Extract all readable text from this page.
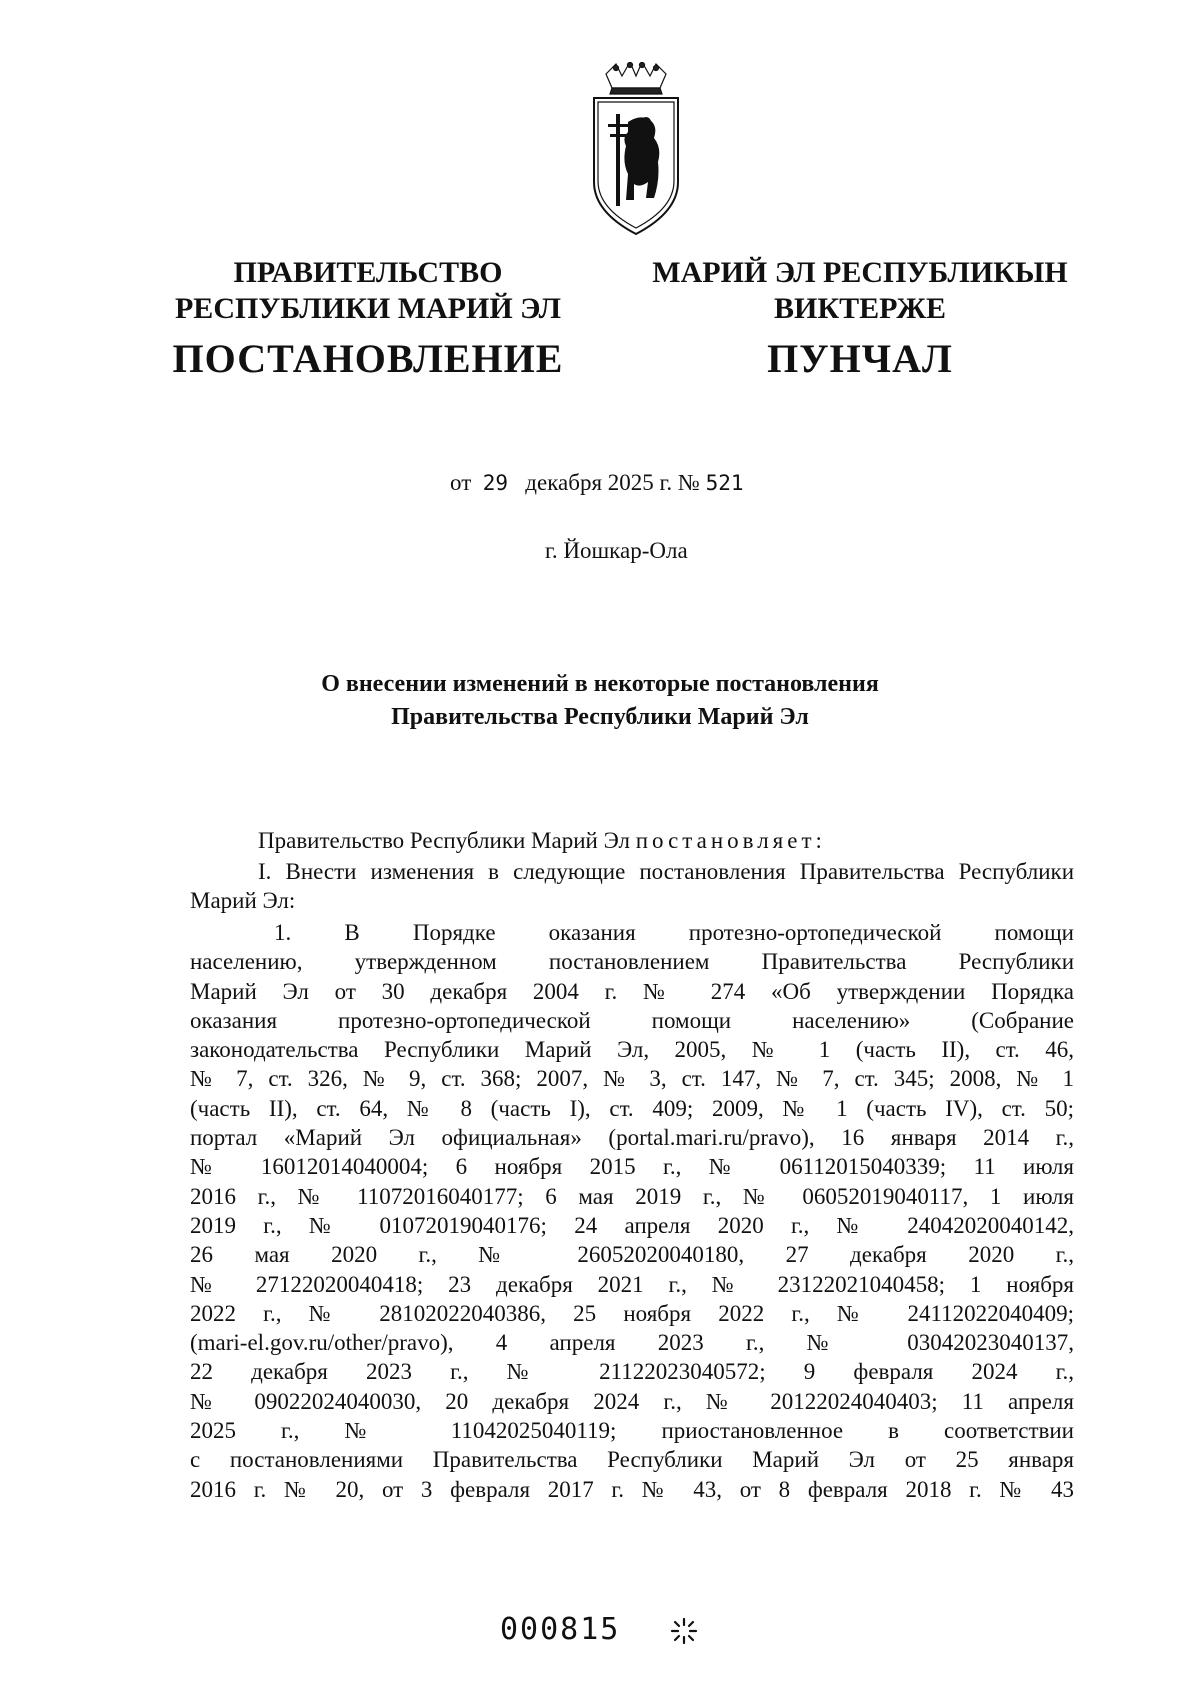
ПРАВИТЕЛЬСТВО
РЕСПУБЛИКИ МАРИЙ ЭЛ
ПОСТАНОВЛЕНИЕ
МАРИЙ ЭЛ РЕСПУБЛИКЫН
ВИКТЕРЖЕ
ПУНЧАЛ
от 29 декабря 2025 г. № 521
г. Йошкар-Ола
О внесении изменений в некоторые постановления
Правительства Республики Марий Эл
Правительство Республики Марий Эл постановляет:
I. Внести изменения в следующие постановления Правительства Республики Марий Эл:
1. В Порядке оказания протезно-ортопедической помощи
населению, утвержденном постановлением Правительства Республики
Марий Эл от 30 декабря 2004 г. № 274 «Об утверждении Порядка
оказания протезно-ортопедической помощи населению» (Собрание
законодательства Республики Марий Эл, 2005, № 1 (часть II), ст. 46,
№ 7, ст. 326, № 9, ст. 368; 2007, № 3, ст. 147, № 7, ст. 345; 2008, № 1
(часть II), ст. 64, № 8 (часть I), ст. 409; 2009, № 1 (часть IV), ст. 50;
портал «Марий Эл официальная» (portal.mari.ru/pravo), 16 января 2014 г.,
№ 16012014040004; 6 ноября 2015 г., № 06112015040339; 11 июля
2016 г., № 11072016040177; 6 мая 2019 г., № 06052019040117, 1 июля
2019 г., № 01072019040176; 24 апреля 2020 г., № 24042020040142,
26 мая 2020 г., № 26052020040180, 27 декабря 2020 г.,
№ 27122020040418; 23 декабря 2021 г., № 23122021040458; 1 ноября
2022 г., № 28102022040386, 25 ноября 2022 г., № 24112022040409;
(mari-el.gov.ru/other/pravo), 4 апреля 2023 г., № 03042023040137,
22 декабря 2023 г., № 21122023040572; 9 февраля 2024 г.,
№ 09022024040030, 20 декабря 2024 г., № 20122024040403; 11 апреля
2025 г., № 11042025040119; приостановленное в соответствии
с постановлениями Правительства Республики Марий Эл от 25 января
2016 г. № 20, от 3 февраля 2017 г. № 43, от 8 февраля 2018 г. № 43
000815
